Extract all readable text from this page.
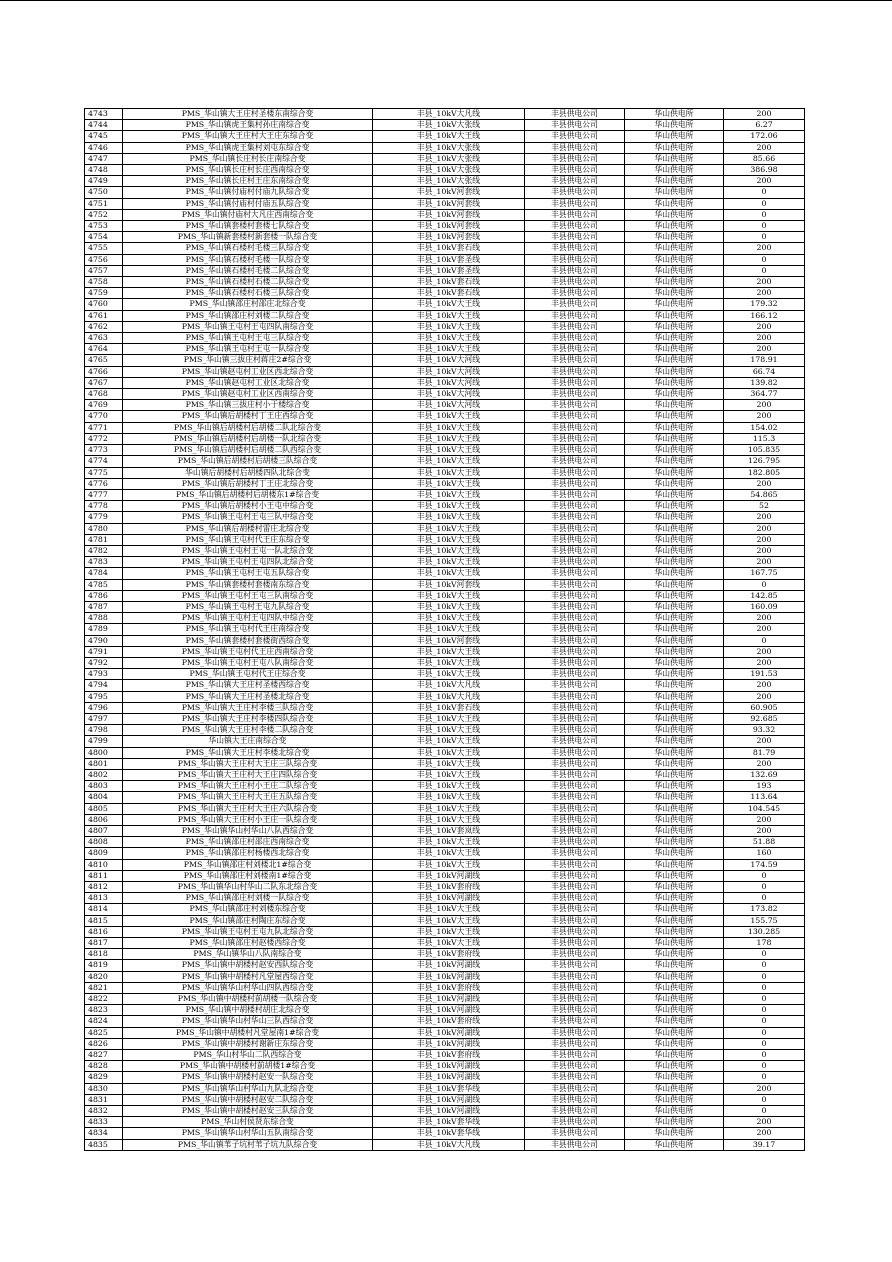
4743	PMS_华山镇大王庄村圣楼东南综合变	丰县_10kV大凡线	丰县供电公司	华山供电所	200
4744	PMS_华山镇虎王集村孙庄南综合变	丰县_10kV大张线	丰县供电公司	华山供电所	6.27
4745	PMS_华山镇大王庄村大王庄东综合变	丰县_10kV大王线	丰县供电公司	华山供电所	172.06
4746	PMS_华山镇虎王集村刘屯东综合变	丰县_10kV大张线	丰县供电公司	华山供电所	200
4747	PMS_华山镇长庄村长庄南综合变	丰县_10kV大张线	丰县供电公司	华山供电所	85.66
4748	PMS_华山镇长庄村长庄西南综合变	丰县_10kV大张线	丰县供电公司	华山供电所	386.98
4749	PMS_华山镇长庄村王庄东南综合变	丰县_10kV大张线	丰县供电公司	华山供电所	200
4750	PMS_华山镇付庙村付庙九队综合变	丰县_10kV河套线	丰县供电公司	华山供电所	0
4751	PMS_华山镇付庙村付庙五队综合变	丰县_10kV河套线	丰县供电公司	华山供电所	0
4752	PMS_华山镇付庙村大凡庄西南综合变	丰县_10kV河套线	丰县供电公司	华山供电所	0
4753	PMS_华山镇套楼村套楼七队综合变	丰县_10kV河套线	丰县供电公司	华山供电所	0
4754	PMS_华山镇新套楼村新套楼一队综合变	丰县_10kV河套线	丰县供电公司	华山供电所	0
4755	PMS_华山镇石楼村毛楼三队综合变	丰县_10kV套石线	丰县供电公司	华山供电所	200
4756	PMS_华山镇石楼村毛楼一队综合变	丰县_10kV套圣线	丰县供电公司	华山供电所	0
4757	PMS_华山镇石楼村毛楼二队综合变	丰县_10kV套圣线	丰县供电公司	华山供电所	0
4758	PMS_华山镇石楼村石楼二队综合变	丰县_10kV套石线	丰县供电公司	华山供电所	200
4759	PMS_华山镇石楼村石楼三队综合变	丰县_10kV套石线	丰县供电公司	华山供电所	200
4760	PMS_华山镇邵庄村邵庄北综合变	丰县_10kV大王线	丰县供电公司	华山供电所	179.32
4761	PMS_华山镇邵庄村刘楼二队综合变	丰县_10kV大王线	丰县供电公司	华山供电所	166.12
4762	PMS_华山镇王屯村王屯四队南综合变	丰县_10kV大王线	丰县供电公司	华山供电所	200
4763	PMS_华山镇王屯村王屯三队综合变	丰县_10kV大王线	丰县供电公司	华山供电所	200
4764	PMS_华山镇王屯村王屯一队综合变	丰县_10kV大王线	丰县供电公司	华山供电所	200
4765	PMS_华山镇三拔庄村蒋庄2#综合变	丰县_10kV大河线	丰县供电公司	华山供电所	178.91
4766	PMS_华山镇赵屯村工业区西北综合变	丰县_10kV大河线	丰县供电公司	华山供电所	66.74
4767	PMS_华山镇赵屯村工业区北综合变	丰县_10kV大河线	丰县供电公司	华山供电所	139.82
4768	PMS_华山镇赵屯村工业区西南综合变	丰县_10kV大河线	丰县供电公司	华山供电所	364.77
4769	PMS_华山镇三拔庄村小于楼综合变	丰县_10kV大河线	丰县供电公司	华山供电所	200
4770	PMS_华山镇后胡楼村丁王庄西综合变	丰县_10kV大王线	丰县供电公司	华山供电所	200
4771	PMS_华山镇后胡楼村后胡楼二队北综合变	丰县_10kV大王线	丰县供电公司	华山供电所	154.02
4772	PMS_华山镇后胡楼村后胡楼一队北综合变	丰县_10kV大王线	丰县供电公司	华山供电所	115.3
4773	PMS_华山镇后胡楼村后胡楼二队西综合变	丰县_10kV大王线	丰县供电公司	华山供电所	105.835
4774	PMS_华山镇后胡楼村后胡楼三队综合变	丰县_10kV大王线	丰县供电公司	华山供电所	126.795
4775	华山镇后胡楼村后胡楼四队北综合变	丰县_10kV大王线	丰县供电公司	华山供电所	182.805
4776	PMS_华山镇后胡楼村丁王庄北综合变	丰县_10kV大王线	丰县供电公司	华山供电所	200
4777	PMS_华山镇后胡楼村后胡楼东1#综合变	丰县_10kV大王线	丰县供电公司	华山供电所	54.865
4778	PMS_华山镇后胡楼村小王屯中综合变	丰县_10kV大王线	丰县供电公司	华山供电所	52
4779	PMS_华山镇王屯村王屯三队中综合变	丰县_10kV大王线	丰县供电公司	华山供电所	200
4780	PMS_华山镇后胡楼村雷庄北综合变	丰县_10kV大王线	丰县供电公司	华山供电所	200
4781	PMS_华山镇王屯村代王庄东综合变	丰县_10kV大王线	丰县供电公司	华山供电所	200
4782	PMS_华山镇王屯村王屯一队北综合变	丰县_10kV大王线	丰县供电公司	华山供电所	200
4783	PMS_华山镇王屯村王屯四队北综合变	丰县_10kV大王线	丰县供电公司	华山供电所	200
4784	PMS_华山镇王屯村王屯五队综合变	丰县_10kV大王线	丰县供电公司	华山供电所	167.75
4785	PMS_华山镇套楼村套楼南东综合变	丰县_10kV河套线	丰县供电公司	华山供电所	0
4786	PMS_华山镇王屯村王屯三队南综合变	丰县_10kV大王线	丰县供电公司	华山供电所	142.85
4787	PMS_华山镇王屯村王屯九队综合变	丰县_10kV大王线	丰县供电公司	华山供电所	160.09
4788	PMS_华山镇王屯村王屯四队中综合变	丰县_10kV大王线	丰县供电公司	华山供电所	200
4789	PMS_华山镇王屯村代王庄南综合变	丰县_10kV大王线	丰县供电公司	华山供电所	200
4790	PMS_华山镇套楼村套楼街西综合变	丰县_10kV河套线	丰县供电公司	华山供电所	0
4791	PMS_华山镇王屯村代王庄西南综合变	丰县_10kV大王线	丰县供电公司	华山供电所	200
4792	PMS_华山镇王屯村王屯八队南综合变	丰县_10kV大王线	丰县供电公司	华山供电所	200
4793	PMS_华山镇王屯村代王庄综合变	丰县_10kV大王线	丰县供电公司	华山供电所	191.53
4794	PMS_华山镇大王庄村圣楼西综合变	丰县_10kV大凡线	丰县供电公司	华山供电所	200
4795	PMS_华山镇大王庄村圣楼北综合变	丰县_10kV大凡线	丰县供电公司	华山供电所	200
4796	PMS_华山镇大王庄村李楼三队综合变	丰县_10kV套石线	丰县供电公司	华山供电所	60.905
4797	PMS_华山镇大王庄村李楼四队综合变	丰县_10kV大王线	丰县供电公司	华山供电所	92.685
4798	PMS_华山镇大王庄村李楼二队综合变	丰县_10kV大王线	丰县供电公司	华山供电所	93.32
4799	华山镇大王庄南综合变	丰县_10kV大王线	丰县供电公司	华山供电所	200
4800	PMS_华山镇大王庄村李楼北综合变	丰县_10kV大王线	丰县供电公司	华山供电所	81.79
4801	PMS_华山镇大王庄村大王庄三队综合变	丰县_10kV大王线	丰县供电公司	华山供电所	200
4802	PMS_华山镇大王庄村大王庄四队综合变	丰县_10kV大王线	丰县供电公司	华山供电所	132.69
4803	PMS_华山镇大王庄村小王庄二队综合变	丰县_10kV大王线	丰县供电公司	华山供电所	193
4804	PMS_华山镇大王庄村大王庄五队综合变	丰县_10kV大王线	丰县供电公司	华山供电所	113.64
4805	PMS_华山镇大王庄村大王庄六队综合变	丰县_10kV大王线	丰县供电公司	华山供电所	104.545
4806	PMS_华山镇大王庄村小王庄一队综合变	丰县_10kV大王线	丰县供电公司	华山供电所	200
4807	PMS_华山镇华山村华山八队西综合变	丰县_10kV套岚线	丰县供电公司	华山供电所	200
4808	PMS_华山镇邵庄村邵庄西南综合变	丰县_10kV大王线	丰县供电公司	华山供电所	51.88
4809	PMS_华山镇邵庄村杨楼西北综合变	丰县_10kV大王线	丰县供电公司	华山供电所	160
4810	PMS_华山镇邵庄村刘楼北1#综合变	丰县_10kV大王线	丰县供电公司	华山供电所	174.59
4811	PMS_华山镇邵庄村刘楼南1#综合变	丰县_10kV河湖线	丰县供电公司	华山供电所	0
4812	PMS_华山镇华山村华山二队东北综合变	丰县_10kV套府线	丰县供电公司	华山供电所	0
4813	PMS_华山镇邵庄村刘楼一队综合变	丰县_10kV河湖线	丰县供电公司	华山供电所	0
4814	PMS_华山镇邵庄村刘楼东综合变	丰县_10kV大王线	丰县供电公司	华山供电所	173.82
4815	PMS_华山镇邵庄村陶庄东综合变	丰县_10kV大王线	丰县供电公司	华山供电所	155.75
4816	PMS_华山镇王屯村王屯九队北综合变	丰县_10kV大王线	丰县供电公司	华山供电所	130.285
4817	PMS_华山镇邵庄村赵楼西综合变	丰县_10kV大王线	丰县供电公司	华山供电所	178
4818	PMS_华山镇华山八队南综合变	丰县_10kV套府线	丰县供电公司	华山供电所	0
4819	PMS_华山镇中胡楼村赵安西队综合变	丰县_10kV河湖线	丰县供电公司	华山供电所	0
4820	PMS_华山镇中胡楼村凡堂屋西综合变	丰县_10kV河湖线	丰县供电公司	华山供电所	0
4821	PMS_华山镇华山村华山四队西综合变	丰县_10kV套府线	丰县供电公司	华山供电所	0
4822	PMS_华山镇中胡楼村前胡楼一队综合变	丰县_10kV河湖线	丰县供电公司	华山供电所	0
4823	PMS_华山镇中胡楼村胡庄北综合变	丰县_10kV河湖线	丰县供电公司	华山供电所	0
4824	PMS_华山镇华山村华山三队西综合变	丰县_10kV套府线	丰县供电公司	华山供电所	0
4825	PMS_华山镇中胡楼村凡堂屋南1#综合变	丰县_10kV河湖线	丰县供电公司	华山供电所	0
4826	PMS_华山镇中胡楼村谢新庄东综合变	丰县_10kV河湖线	丰县供电公司	华山供电所	0
4827	PMS_华山村华山二队西综合变	丰县_10kV套府线	丰县供电公司	华山供电所	0
4828	PMS_华山镇中胡楼村前胡楼1#综合变	丰县_10kV河湖线	丰县供电公司	华山供电所	0
4829	PMS_华山镇中胡楼村赵安一队综合变	丰县_10kV河湖线	丰县供电公司	华山供电所	0
4830	PMS_华山镇华山村华山九队北综合变	丰县_10kV套华线	丰县供电公司	华山供电所	200
4831	PMS_华山镇中胡楼村赵安二队综合变	丰县_10kV河湖线	丰县供电公司	华山供电所	0
4832	PMS_华山镇中胡楼村赵安三队综合变	丰县_10kV河湖线	丰县供电公司	华山供电所	0
4833	PMS_华山村侯贤东综合变	丰县_10kV套华线	丰县供电公司	华山供电所	200
4834	PMS_华山镇华山村华山五队南综合变	丰县_10kV套华线	丰县供电公司	华山供电所	200
4835	PMS_华山镇苇子坑村苇子坑九队综合变	丰县_10kV大凡线	丰县供电公司	华山供电所	39.17
